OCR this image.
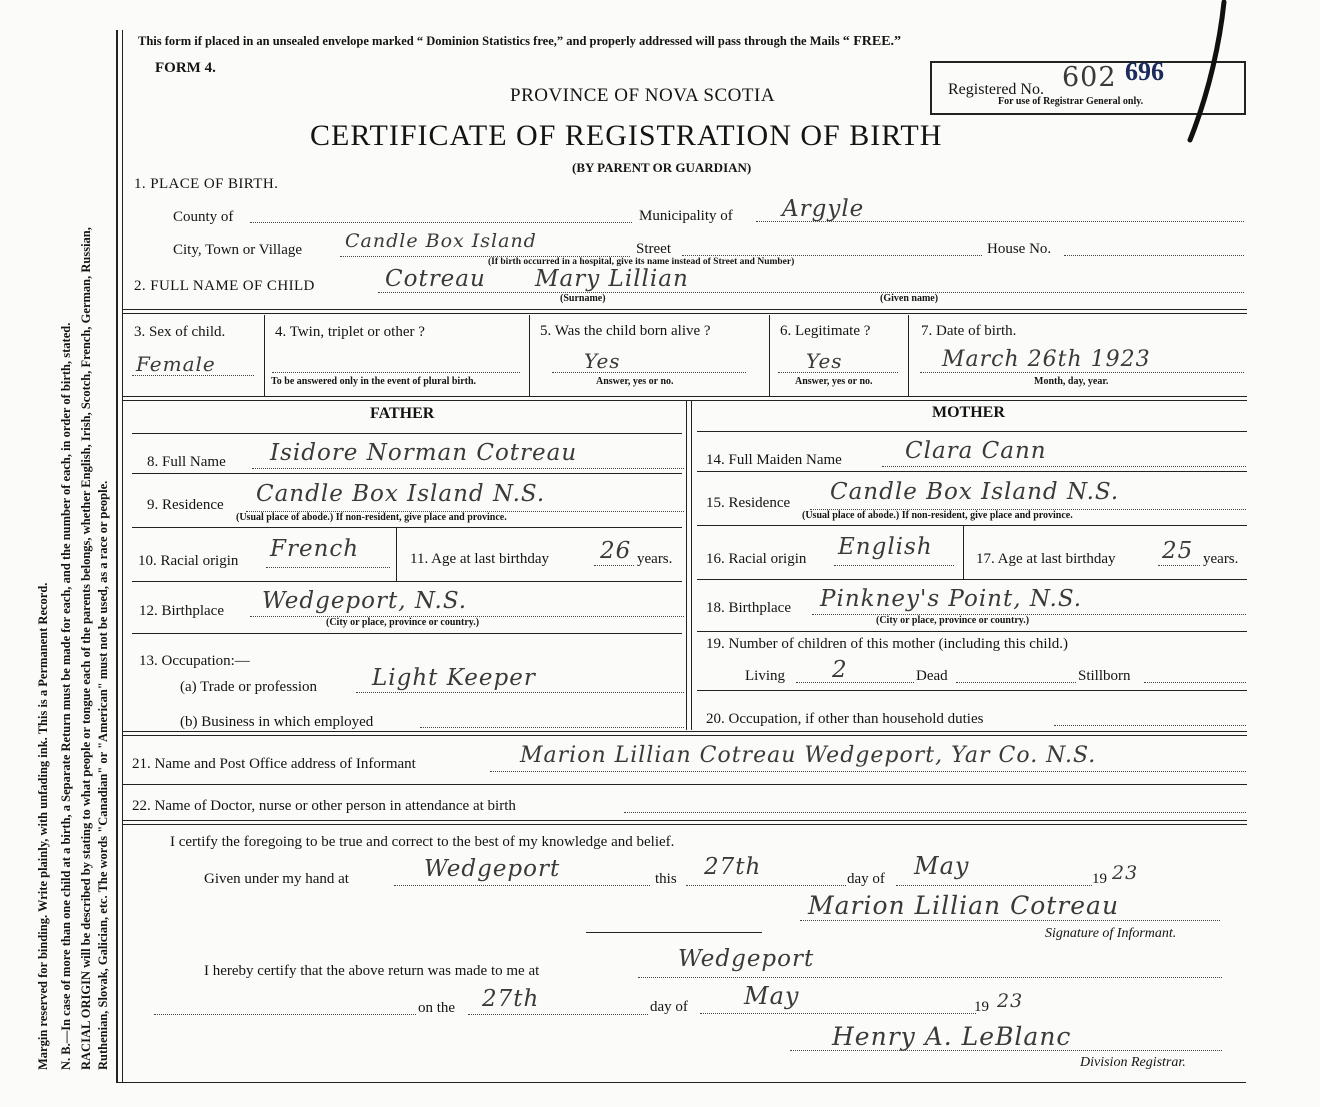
Margin reserved for binding. Write plainly, with unfading ink. This is a Permanent Record. N. B.—In case of more than one child at a birth, a Separate Return must be made for each, and the number of each, in order of birth, stated. RACIAL ORIGIN will be described by stating to what people or tongue each of the parents belongs, whether English, Irish, Scotch, French, German, Russian, Ruthenian, Slovak, Galician, etc. The words "Canadian" or "American" must not be used, as a race or people.
This form if placed in an unsealed envelope marked “ Dominion Statistics free,” and properly addressed will pass through the Mails “ FREE.”
FORM 4.
PROVINCE OF NOVA SCOTIA	Registered No. 602 696
For use of Registrar General only.
CERTIFICATE OF REGISTRATION OF BIRTH
(BY PARENT OR GUARDIAN)
1. PLACE OF BIRTH.
County of	Municipality of Argyle
City, Town or Village Candle Box Island	Street	House No.
(If birth occurred in a hospital, give its name instead of Street and Number)
2. FULL NAME OF CHILD	Cotreau Mary Lillian
(Surname)	(Given name)
3. Sex of child.
Female
4. Twin, triplet or other ?
To be answered only in the event of plural birth.
5. Was the child born alive ?
Yes
Answer, yes or no.
6. Legitimate ?
Yes
Answer, yes or no.
7. Date of birth.
March 26th 1923
Month, day, year.
FATHER
8. Full Name Isidore Norman Cotreau
9. Residence Candle Box Island N.S.
(Usual place of abode.) If non-resident, give place and province.
10. Racial origin French	11. Age at last birthday 26 years.
12. Birthplace Wedgeport, N.S.
(City or place, province or country.)
13. Occupation:—
(a) Trade or profession Light Keeper
(b) Business in which employed
MOTHER
14. Full Maiden Name	Clara Cann
15. Residence Candle Box Island N.S.
(Usual place of abode.) If non-resident, give place and province.
16. Racial origin English	17. Age at last birthday 25 years.
18. Birthplace Pinkney's Point, N.S.
(City or place, province or country.)
19. Number of children of this mother (including this child.)
Living 2	Dead	Stillborn
20. Occupation, if other than household duties
21. Name and Post Office address of Informant	Marion Lillian Cotreau Wedgeport, Yar Co. N.S.
22. Name of Doctor, nurse or other person in attendance at birth
I certify the foregoing to be true and correct to the best of my knowledge and belief.
Given under my hand at	Wedgeport	this 27th	day of May	19 23
Marion Lillian Cotreau
Signature of Informant.
I hereby certify that the above return was made to me at	Wedgeport
on the 27th	day of May	19 23
Henry A. LeBlanc
Division Registrar.
